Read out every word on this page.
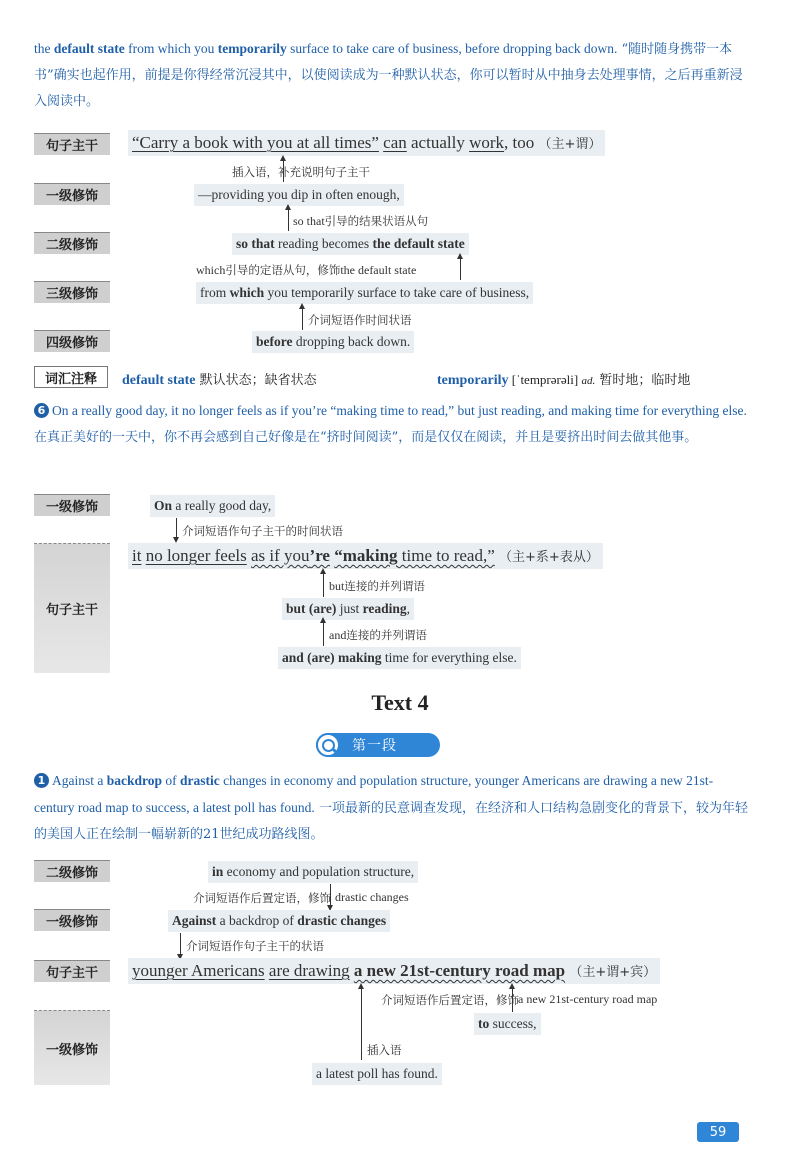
the default state from which you temporarily surface to take care of business, before dropping back down. “随时随身携带一本书”确实也起作用，前提是你得经常沉浸其中，以使阅读成为一种默认状态，你可以暂时从中抽身去处理事情，之后再重新浸入阅读中。
句子主干
一级修饰
二级修饰
三级修饰
四级修饰
“Carry a book with you at all times” can actually work, too （主+谓）
插入语，补充说明句子主干
—providing you dip in often enough,
so that引导的结果状语从句
so that reading becomes the default state
which引导的定语从句，修饰the default state
from which you temporarily surface to take care of business,
介词短语作时间状语
before dropping back down.
词汇注释	default state 默认状态；缺省状态	temporarily [ˈtemprərəli] ad. 暂时地；临时地
6 On a really good day, it no longer feels as if you’re “making time to read,” but just reading, and making time for everything else. 在真正美好的一天中，你不再会感到自己好像是在“挤时间阅读”，而是仅仅在阅读，并且是要挤出时间去做其他事。
一级修饰
句子主干
On a really good day,
介词短语作句子主干的时间状语
it no longer feels as if you’re “making time to read,” （主+系+表从）
but连接的并列谓语
but (are) just reading,
and连接的并列谓语
and (are) making time for everything else.
Text 4
第一段
1 Against a backdrop of drastic changes in economy and population structure, younger Americans are drawing a new 21st-century road map to success, a latest poll has found. 一项最新的民意调查发现，在经济和人口结构急剧变化的背景下，较为年轻的美国人正在绘制一幅崭新的21世纪成功路线图。
二级修饰
一级修饰
句子主干
一级修饰
in economy and population structure,
介词短语作后置定语，修饰 drastic changes
Against a backdrop of drastic changes
介词短语作句子主干的状语
younger Americans are drawing a new 21st-century road map （主+谓+宾）
介词短语作后置定语，修饰 a new 21st-century road map
to success,
插入语
a latest poll has found.
59
